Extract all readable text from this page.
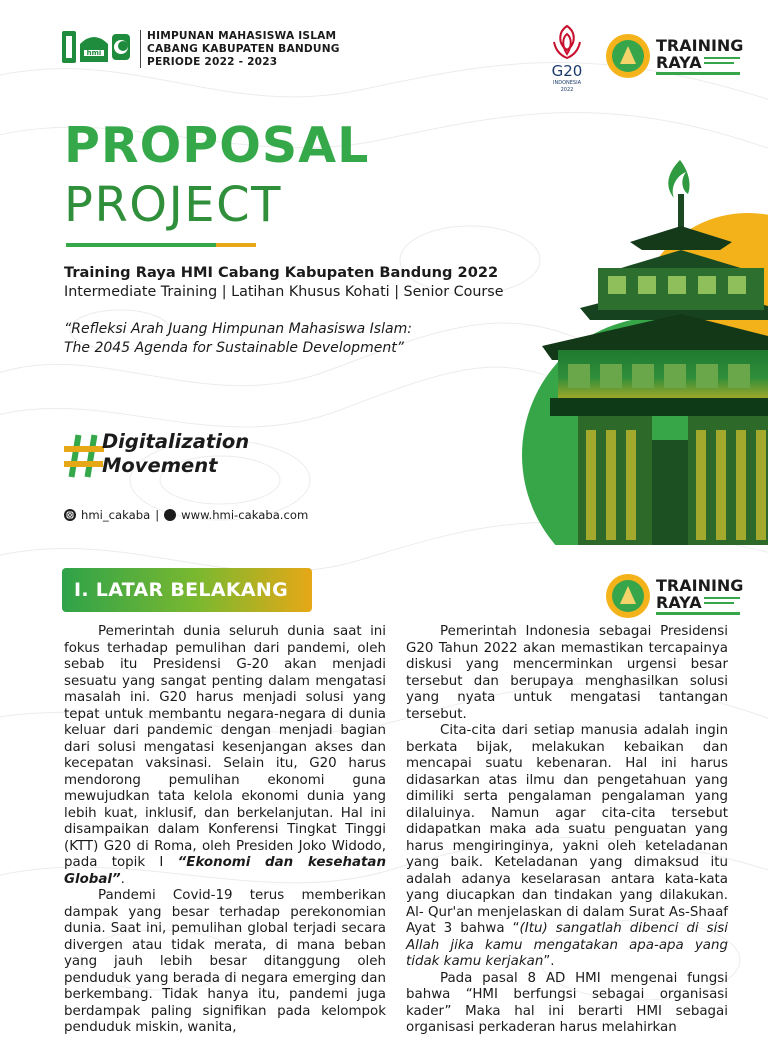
hmi
HIMPUNAN MAHASISWA ISLAM
CABANG KABUPATEN BANDUNG
PERIODE 2022 - 2023	G20
INDONESIA
2022
TRAINING
RAYA
PROPOSAL
PROJECT
Training Raya HMI Cabang Kabupaten Bandung 2022
Intermediate Training | Latihan Khusus Kohati | Senior Course
“Refleksi Arah Juang Himpunan Mahasiswa Islam:
The 2045 Agenda for Sustainable Development”
Digitalization
Movement
hmi_cakaba | www.hmi-cakaba.com
I. LATAR BELAKANG	TRAINING
RAYA

Pemerintah dunia seluruh dunia saat ini fokus terhadap pemulihan dari pandemi, oleh sebab itu Presidensi G-20 akan menjadi sesuatu yang sangat penting dalam mengatasi masalah ini. G20 harus menjadi solusi yang tepat untuk membantu negara-negara di dunia keluar dari pandemic dengan menjadi bagian dari solusi mengatasi kesenjangan akses dan kecepatan vaksinasi. Selain itu, G20 harus mendorong pemulihan ekonomi guna mewujudkan tata kelola ekonomi dunia yang lebih kuat, inklusif, dan berkelanjutan. Hal ini disampaikan dalam Konferensi Tingkat Tinggi (KTT) G20 di Roma, oleh Presiden Joko Widodo, pada topik I “Ekonomi dan kesehatan Global”.

Pandemi Covid-19 terus memberikan dampak yang besar terhadap perekonomian dunia. Saat ini, pemulihan global terjadi secara divergen atau tidak merata, di mana beban yang jauh lebih besar ditanggung oleh penduduk yang berada di negara emerging dan berkembang. Tidak hanya itu, pandemi juga berdampak paling signifikan pada kelompok penduduk miskin, wanita,

Pemerintah Indonesia sebagai Presidensi G20 Tahun 2022 akan memastikan tercapainya diskusi yang mencerminkan urgensi besar tersebut dan berupaya menghasilkan solusi yang nyata untuk mengatasi tantangan tersebut.

Cita-cita dari setiap manusia adalah ingin berkata bijak, melakukan kebaikan dan mencapai suatu kebenaran. Hal ini harus didasarkan atas ilmu dan pengetahuan yang dimiliki serta pengalaman pengalaman yang dilaluinya. Namun agar cita-cita tersebut didapatkan maka ada suatu penguatan yang harus mengiringinya, yakni oleh keteladanan yang baik. Keteladanan yang dimaksud itu adalah adanya keselarasan antara kata-kata yang diucapkan dan tindakan yang dilakukan. Al- Qur'an menjelaskan di dalam Surat As-Shaaf Ayat 3 bahwa “(Itu) sangatlah dibenci di sisi Allah jika kamu mengatakan apa-apa yang tidak kamu kerjakan”.

Pada pasal 8 AD HMI mengenai fungsi bahwa “HMI berfungsi sebagai organisasi kader” Maka hal ini berarti HMI sebagai organisasi perkaderan harus melahirkan
